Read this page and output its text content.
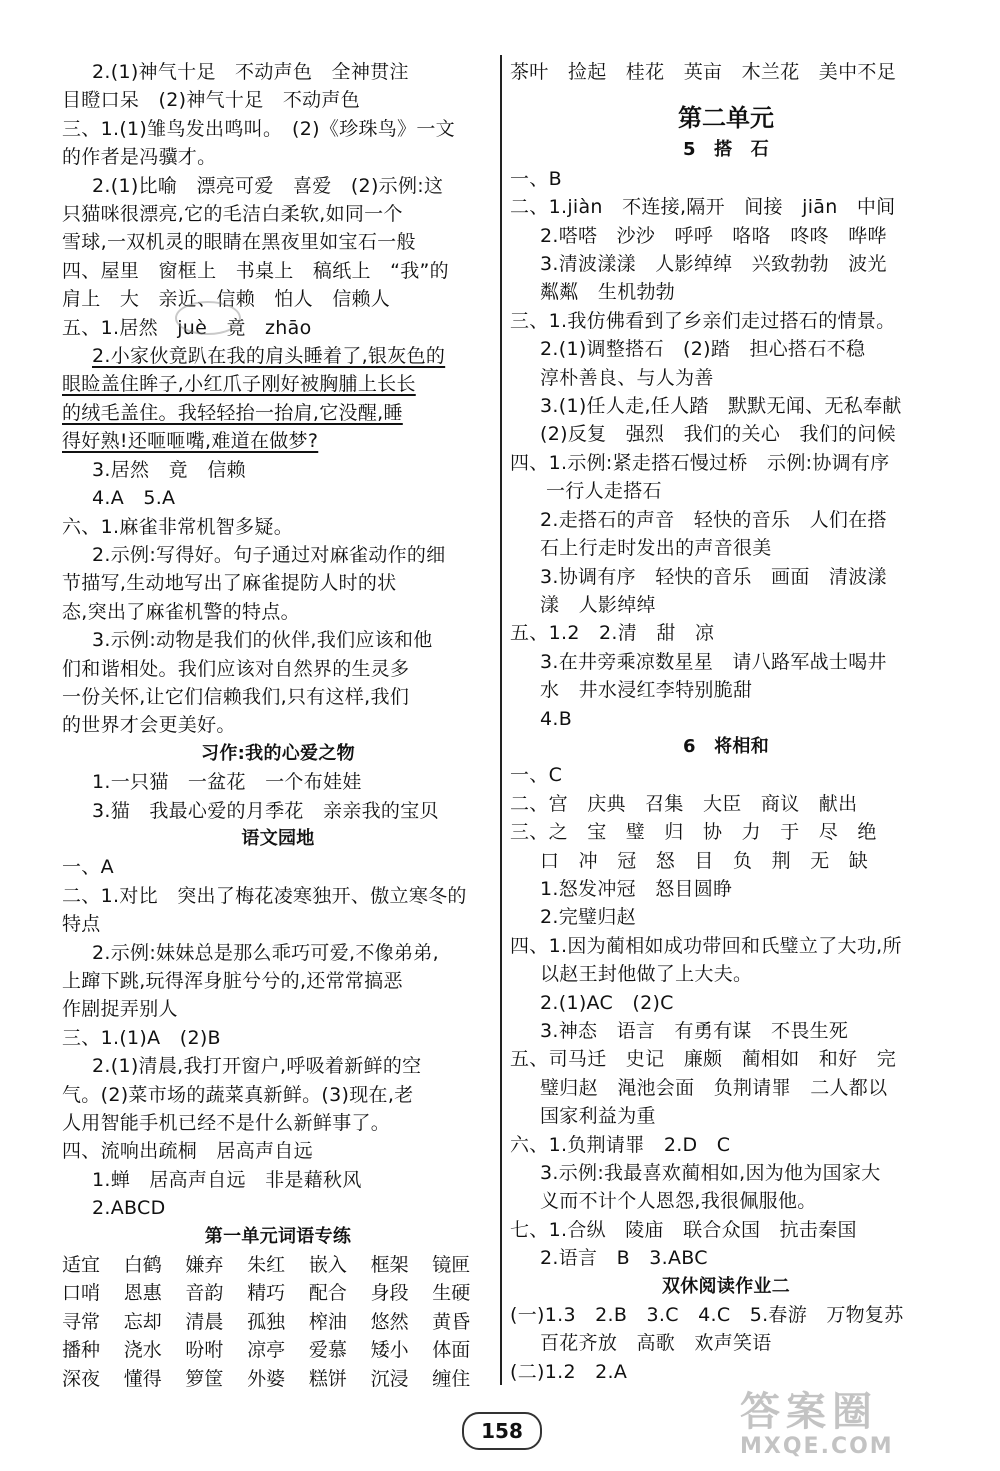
2.(1)神气十足　不动声色　全神贯注
目瞪口呆　(2)神气十足　不动声色
三、1.(1)雏鸟发出鸣叫。　(2)《珍珠鸟》一文
的作者是冯骥才。
2.(1)比喻　漂亮可爱　喜爱　(2)示例:这
只猫咪很漂亮,它的毛洁白柔软,如同一个
雪球,一双机灵的眼睛在黑夜里如宝石一般
四、屋里　窗框上　书桌上　稿纸上　“我”的
肩上　大　亲近、信赖　怕人　信赖人
五、1.居然　juè　竟　zhāo
2.小家伙竟趴在我的肩头睡着了,银灰色的
眼睑盖住眸子,小红爪子刚好被胸脯上长长
的绒毛盖住。我轻轻抬一抬肩,它没醒,睡
得好熟!还咂咂嘴,难道在做梦?
3.居然　竟　信赖
4.A　5.A
六、1.麻雀非常机智多疑。
2.示例:写得好。句子通过对麻雀动作的细
节描写,生动地写出了麻雀提防人时的状
态,突出了麻雀机警的特点。
3.示例:动物是我们的伙伴,我们应该和他
们和谐相处。我们应该对自然界的生灵多
一份关怀,让它们信赖我们,只有这样,我们
的世界才会更美好。
习作:我的心爱之物
1.一只猫　一盆花　一个布娃娃
3.猫　我最心爱的月季花　亲亲我的宝贝
语文园地
一、A
二、1.对比　突出了梅花凌寒独开、傲立寒冬的
特点
2.示例:妹妹总是那么乖巧可爱,不像弟弟,
上蹿下跳,玩得浑身脏兮兮的,还常常搞恶
作剧捉弄别人
三、1.(1)A　(2)B
2.(1)清晨,我打开窗户,呼吸着新鲜的空
气。(2)菜市场的蔬菜真新鲜。(3)现在,老
人用智能手机已经不是什么新鲜事了。
四、流响出疏桐　居高声自远
1.蝉　居高声自远　非是藉秋风
2.ABCD
第一单元词语专练
适宜	白鹤	嫌弃	朱红	嵌入	框架	镜匣
口哨	恩惠	音韵	精巧	配合	身段	生硬
寻常	忘却	清晨	孤独	榨油	悠然	黄昏
播种	浇水	吩咐	凉亭	爱慕	矮小	体面
深夜	懂得	箩筐	外婆	糕饼	沉浸	缠住
茶叶　捡起　桂花　英亩　木兰花　美中不足
第二单元
5　搭　石
一、B
二、1.jiàn　不连接,隔开　间接　jiān　中间
2.嗒嗒　沙沙　呼呼　咯咯　咚咚　哗哗
3.清波漾漾　人影绰绰　兴致勃勃　波光
粼粼　生机勃勃
三、1.我仿佛看到了乡亲们走过搭石的情景。
2.(1)调整搭石　(2)踏　担心搭石不稳
淳朴善良、与人为善
3.(1)任人走,任人踏　默默无闻、无私奉献
(2)反复　强烈　我们的关心　我们的问候
四、1.示例:紧走搭石慢过桥　示例:协调有序
一行人走搭石
2.走搭石的声音　轻快的音乐　人们在搭
石上行走时发出的声音很美
3.协调有序　轻快的音乐　画面　清波漾
漾　人影绰绰
五、1.2　2.清　甜　凉
3.在井旁乘凉数星星　请八路军战士喝井
水　井水浸红李特别脆甜
4.B
6　将相和
一、C
二、宫　庆典　召集　大臣　商议　献出
三、之　宝　璧　归　协　力　于　尽　绝
口　冲　冠　怒　目　负　荆　无　缺
1.怒发冲冠　怒目圆睁
2.完璧归赵
四、1.因为蔺相如成功带回和氏璧立了大功,所
以赵王封他做了上大夫。
2.(1)AC　(2)C
3.神态　语言　有勇有谋　不畏生死
五、司马迁　史记　廉颇　蔺相如　和好　完
璧归赵　渑池会面　负荆请罪　二人都以
国家利益为重
六、1.负荆请罪　2.D　C
3.示例:我最喜欢蔺相如,因为他为国家大
义而不计个人恩怨,我很佩服他。
七、1.合纵　陵庙　联合众国　抗击秦国
2.语言　B　3.ABC
双休阅读作业二
(一)1.3　2.B　3.C　4.C　5.春游　万物复苏
百花齐放　高歌　欢声笑语
(二)1.2　2.A
158	答案圈
MXQE.COM
